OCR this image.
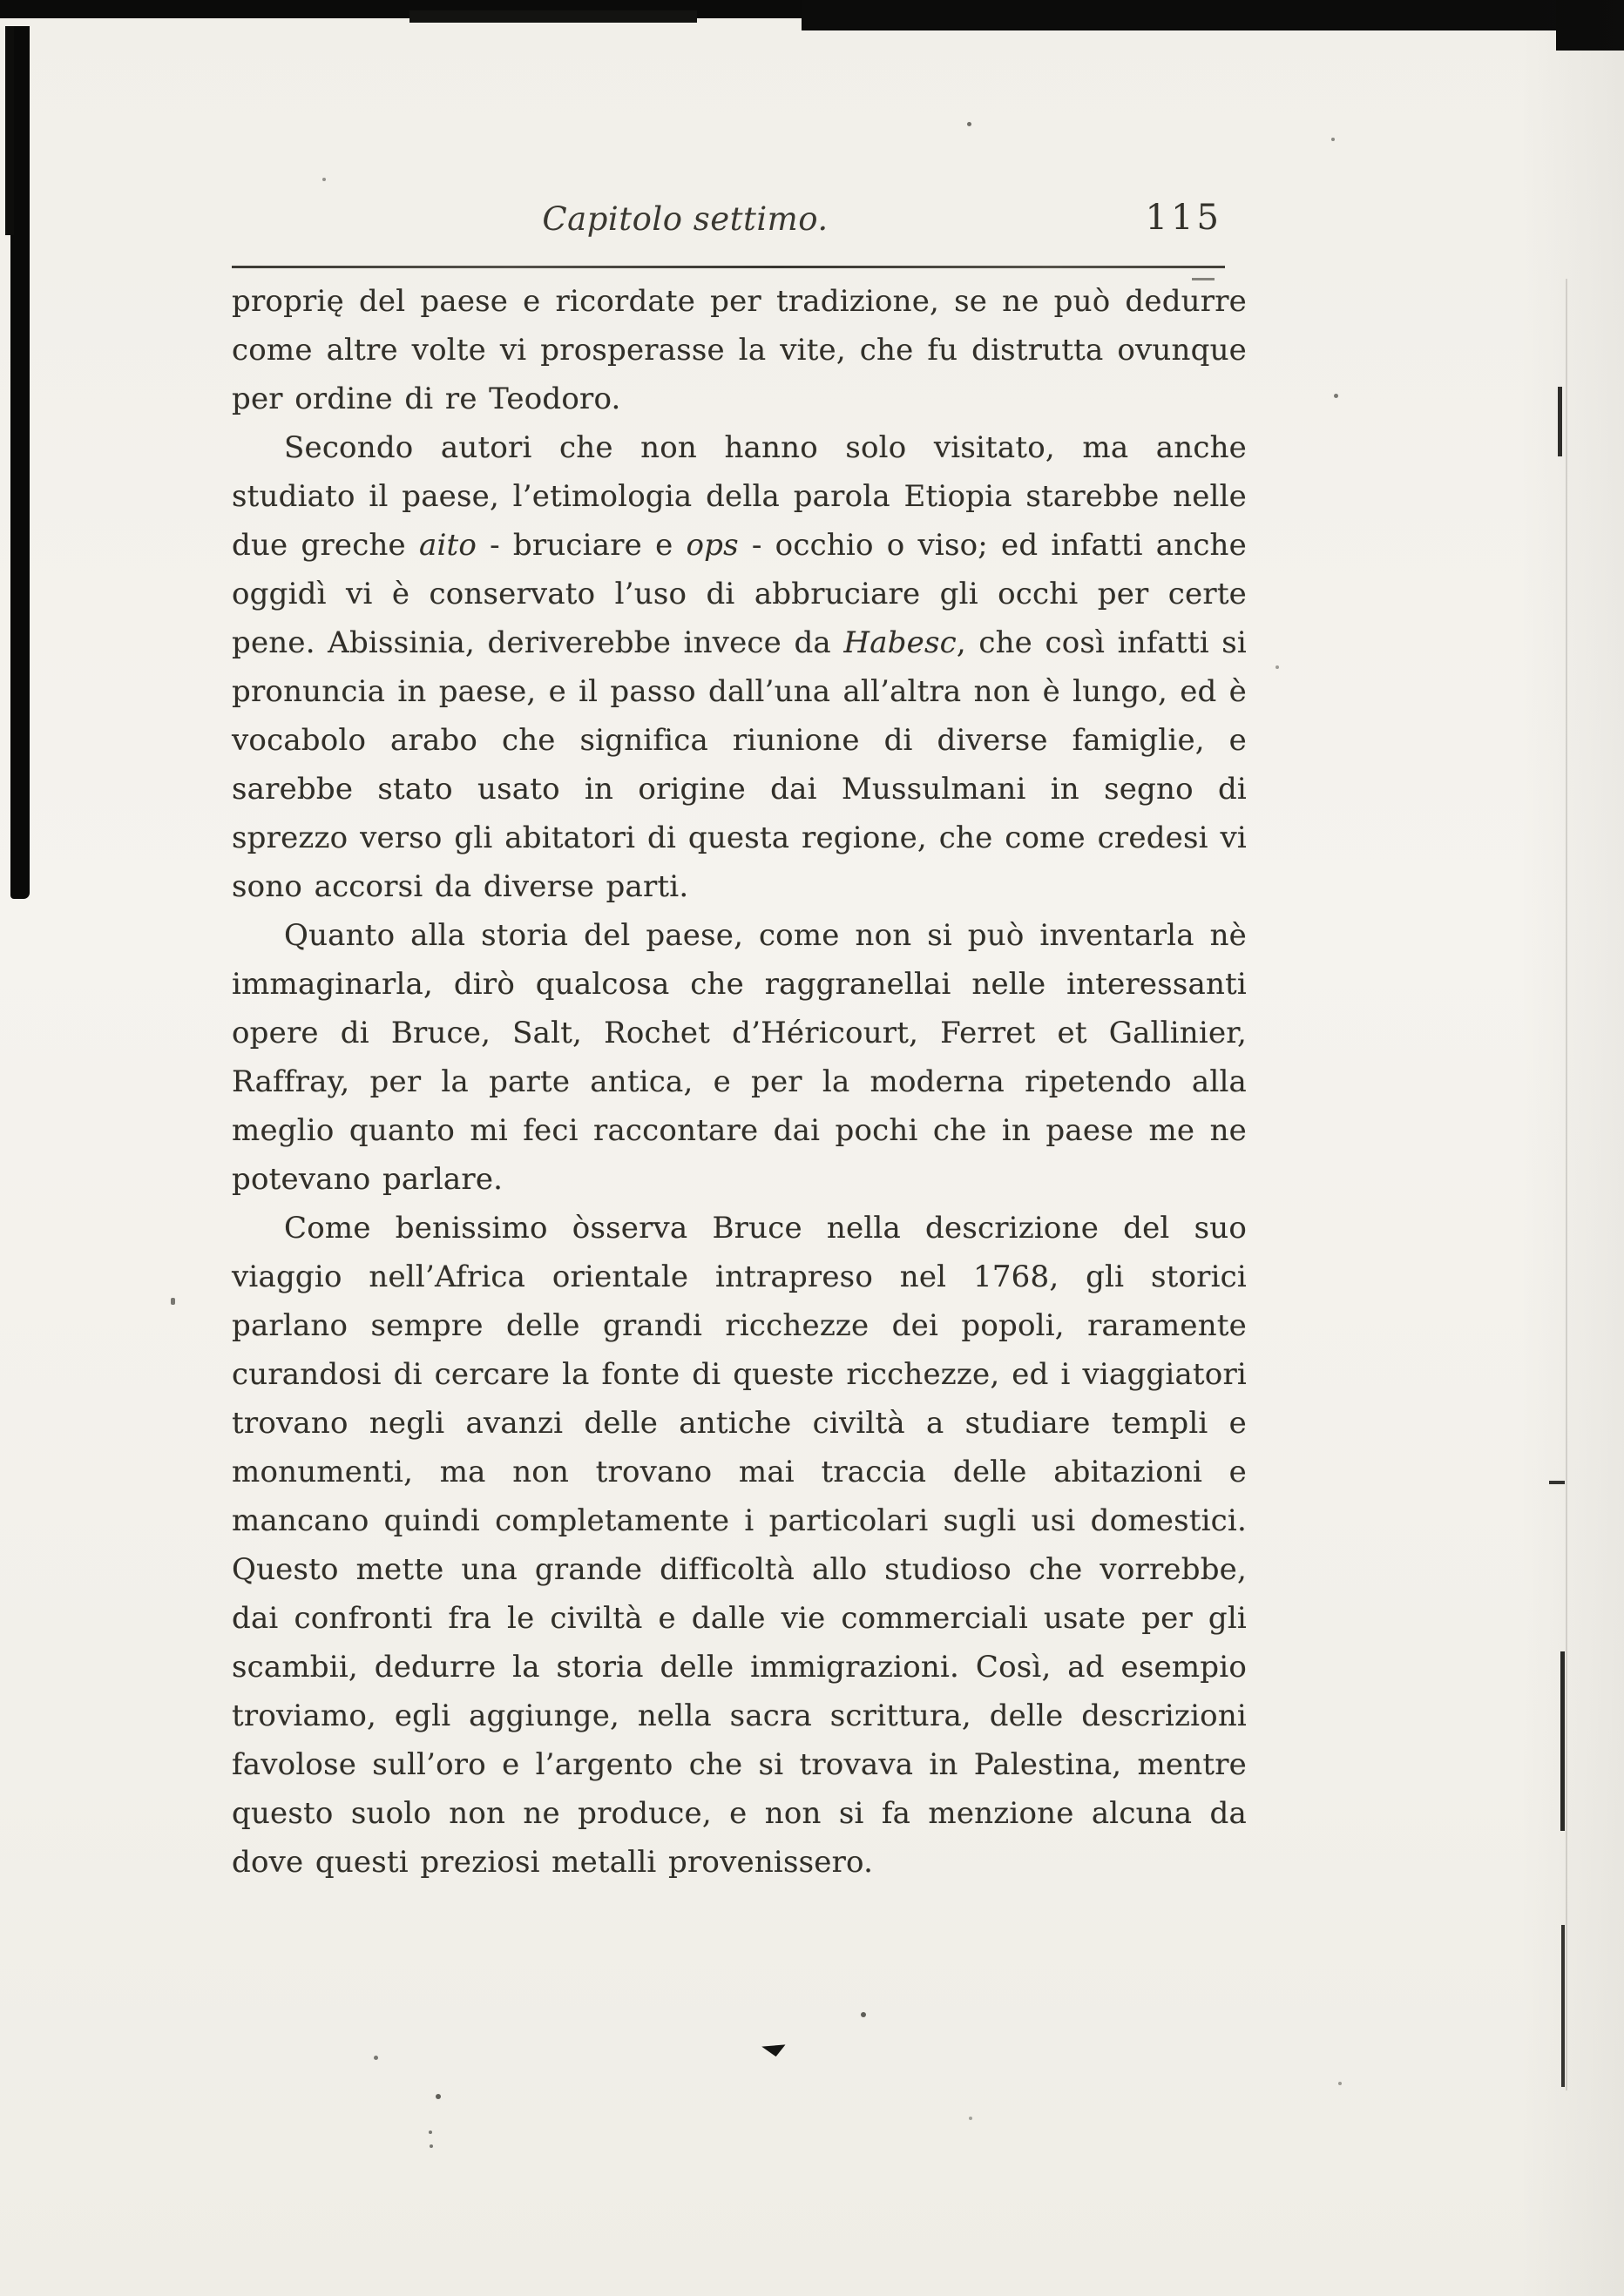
Capitolo settimo.	115

proprię del paese e ricordate per tradizione, se ne può dedurre come altre volte vi prosperasse la vite, che fu distrutta ovunque per ordine di re Teodoro.

Secondo autori che non hanno solo visitato, ma anche studiato il paese, l’etimologia della parola Etiopia starebbe nelle due greche aito - bruciare e ops - occhio o viso; ed infatti anche oggidì vi è conservato l’uso di abbruciare gli occhi per certe pene. Abissinia, deriverebbe invece da Habesc, che così infatti si pronuncia in paese, e il passo dall’una all’altra non è lungo, ed è vocabolo arabo che significa riunione di diverse famiglie, e sarebbe stato usato in origine dai Mussulmani in segno di sprezzo verso gli abitatori di questa regione, che come credesi vi sono accorsi da diverse parti.

Quanto alla storia del paese, come non si può inventarla nè immaginarla, dirò qualcosa che raggranellai nelle interessanti opere di Bruce, Salt, Rochet d’Héricourt, Ferret et Gallinier, Raffray, per la parte antica, e per la moderna ripetendo alla meglio quanto mi feci raccontare dai pochi che in paese me ne potevano parlare.

Come benissimo òsserva Bruce nella descrizione del suo viaggio nell’Africa orientale intrapreso nel 1768, gli storici parlano sempre delle grandi ricchezze dei popoli, raramente curandosi di cercare la fonte di queste ricchezze, ed i viaggiatori trovano negli avanzi delle antiche civiltà a studiare templi e monumenti, ma non trovano mai traccia delle abitazioni e mancano quindi completamente i particolari sugli usi domestici. Questo mette una grande difficoltà allo studioso che vorrebbe, dai confronti fra le civiltà e dalle vie commerciali usate per gli scambii, dedurre la storia delle immigrazioni. Così, ad esempio troviamo, egli aggiunge, nella sacra scrittura, delle descrizioni favolose sull’oro e l’argento che si trovava in Palestina, mentre questo suolo non ne produce, e non si fa menzione alcuna da dove questi preziosi metalli provenissero.
